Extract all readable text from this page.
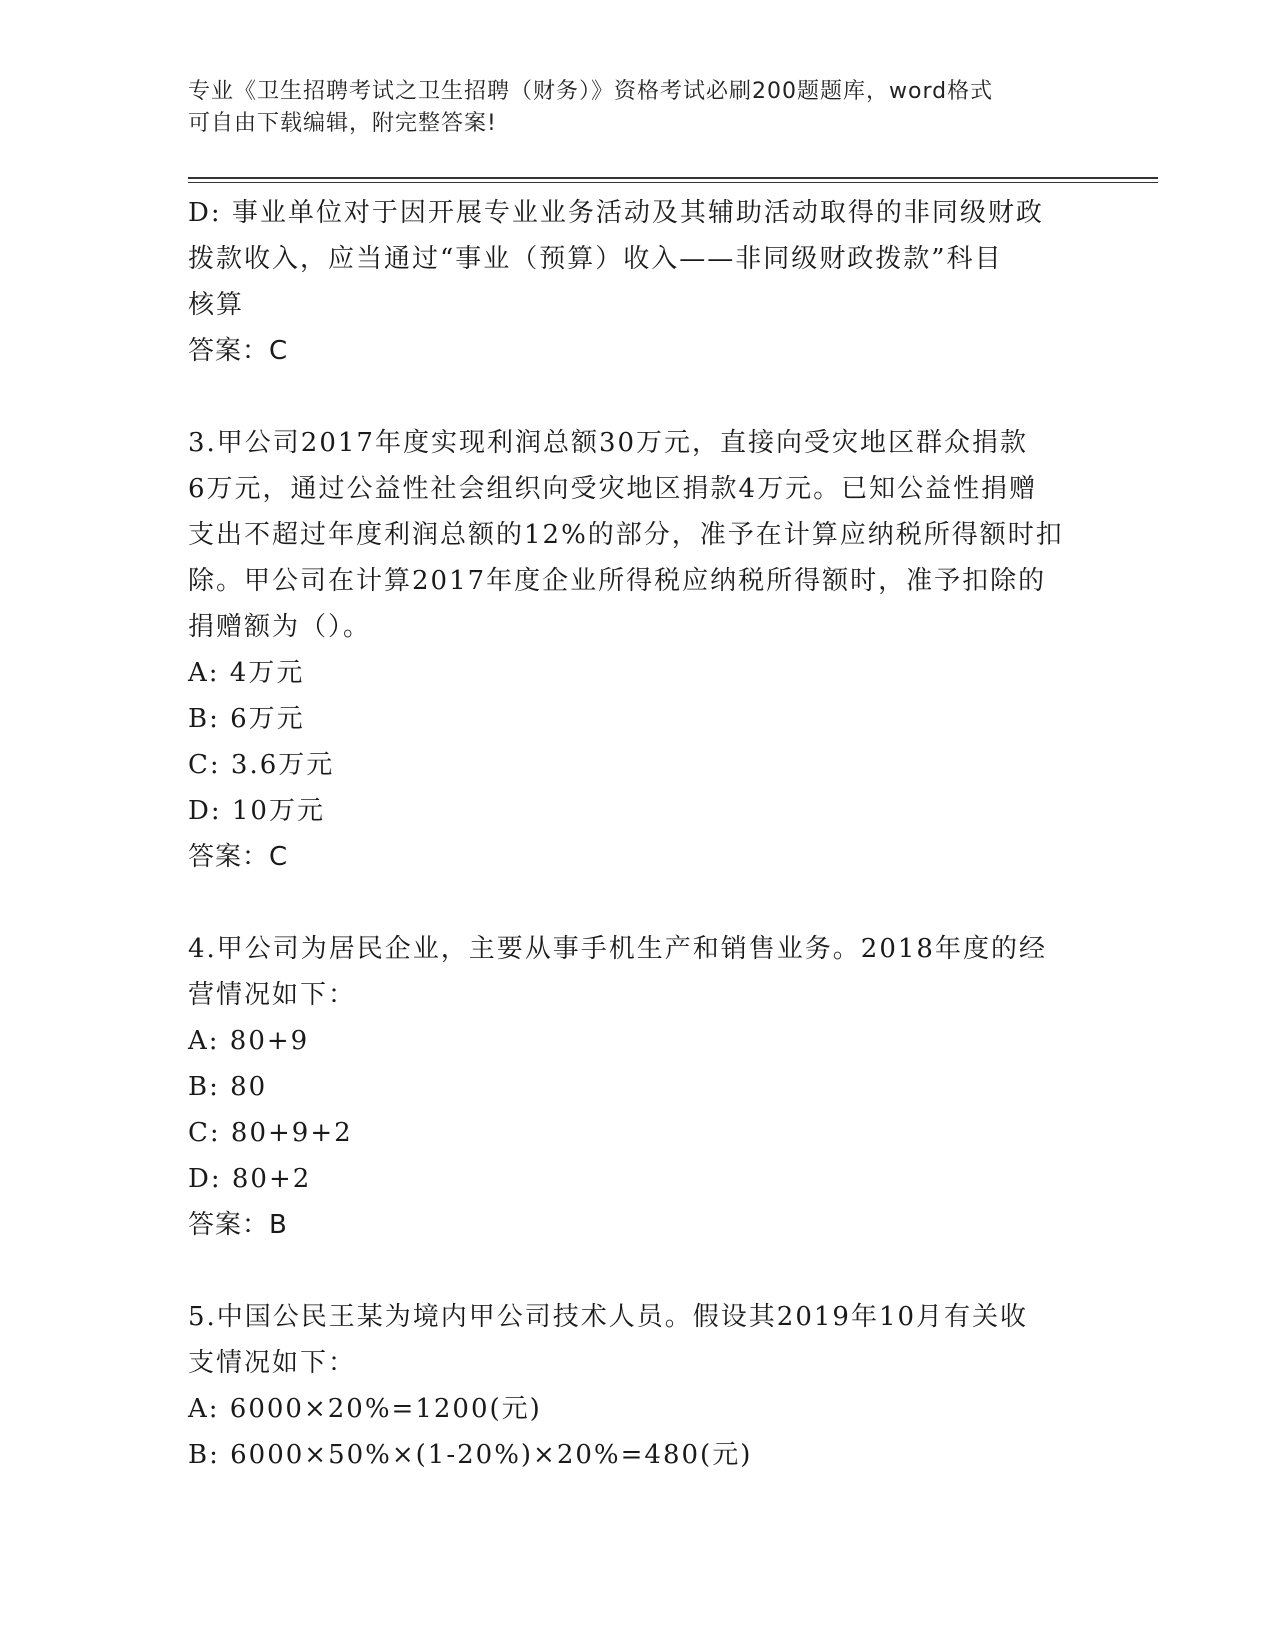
专业《卫生招聘考试之卫生招聘（财务）》资格考试必刷200题题库，word格式
可自由下载编辑，附完整答案!
D: 事业单位对于因开展专业业务活动及其辅助活动取得的非同级财政
拨款收入，应当通过“事业（预算）收入——非同级财政拨款”科目
核算
答案：C
3.甲公司2017年度实现利润总额30万元，直接向受灾地区群众捐款
6万元，通过公益性社会组织向受灾地区捐款4万元。已知公益性捐赠
支出不超过年度利润总额的12%的部分，准予在计算应纳税所得额时扣
除。甲公司在计算2017年度企业所得税应纳税所得额时，准予扣除的
捐赠额为（）。
A: 4万元
B: 6万元
C: 3.6万元
D: 10万元
答案：C
4.甲公司为居民企业，主要从事手机生产和销售业务。2018年度的经
营情况如下：
A: 80+9
B: 80
C: 80+9+2
D: 80+2
答案：B
5.中国公民王某为境内甲公司技术人员。假设其2019年10月有关收
支情况如下：
A: 6000×20%=1200(元)
B: 6000×50%×(1-20%)×20%=480(元)
